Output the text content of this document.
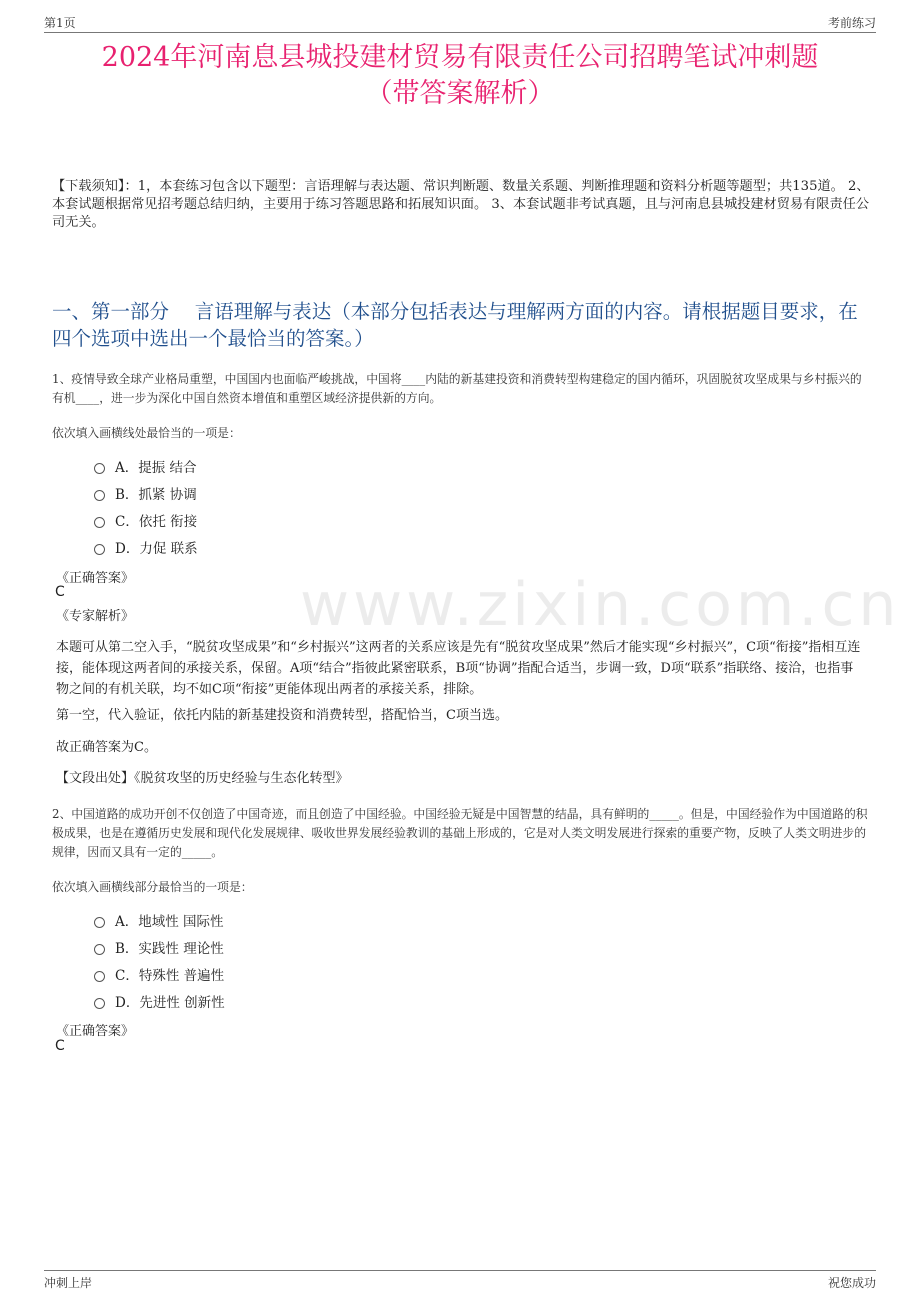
第1页	考前练习
www.zixin.com.cn
2024年河南息县城投建材贸易有限责任公司招聘笔试冲刺题
（带答案解析）
【下载须知】：1，本套练习包含以下题型：言语理解与表达题、常识判断题、数量关系题、判断推理题和资料分析题等题型；共135道。 2、本套试题根据常见招考题总结归纳，主要用于练习答题思路和拓展知识面。 3、本套试题非考试真题，且与河南息县城投建材贸易有限责任公司无关。
一、第一部分　 言语理解与表达（本部分包括表达与理解两方面的内容。请根据题目要求，在四个选项中选出一个最恰当的答案。）
1、疫情导致全球产业格局重塑，中国国内也面临严峻挑战，中国将____内陆的新基建投资和消费转型构建稳定的国内循环，巩固脱贫攻坚成果与乡村振兴的有机____，进一步为深化中国自然资本增值和重塑区域经济提供新的方向。
依次填入画横线处最恰当的一项是：
A．提振 结合
B．抓紧 协调
C．依托 衔接
D．力促 联系
《正确答案》
C
《专家解析》
本题可从第二空入手，“脱贫攻坚成果”和“乡村振兴”这两者的关系应该是先有“脱贫攻坚成果”然后才能实现“乡村振兴”，C项“衔接”指相互连接，能体现这两者间的承接关系，保留。A项“结合”指彼此紧密联系，B项“协调”指配合适当，步调一致，D项“联系”指联络、接洽，也指事物之间的有机关联，均不如C项“衔接”更能体现出两者的承接关系，排除。
第一空，代入验证，依托内陆的新基建投资和消费转型，搭配恰当，C项当选。
故正确答案为C。
【文段出处】《脱贫攻坚的历史经验与生态化转型》
2、中国道路的成功开创不仅创造了中国奇迹，而且创造了中国经验。中国经验无疑是中国智慧的结晶，具有鲜明的_____。但是，中国经验作为中国道路的积极成果，也是在遵循历史发展和现代化发展规律、吸收世界发展经验教训的基础上形成的，它是对人类文明发展进行探索的重要产物，反映了人类文明进步的规律，因而又具有一定的_____。
依次填入画横线部分最恰当的一项是：
A．地域性 国际性
B．实践性 理论性
C．特殊性 普遍性
D．先进性 创新性
《正确答案》
C
冲刺上岸	祝您成功
